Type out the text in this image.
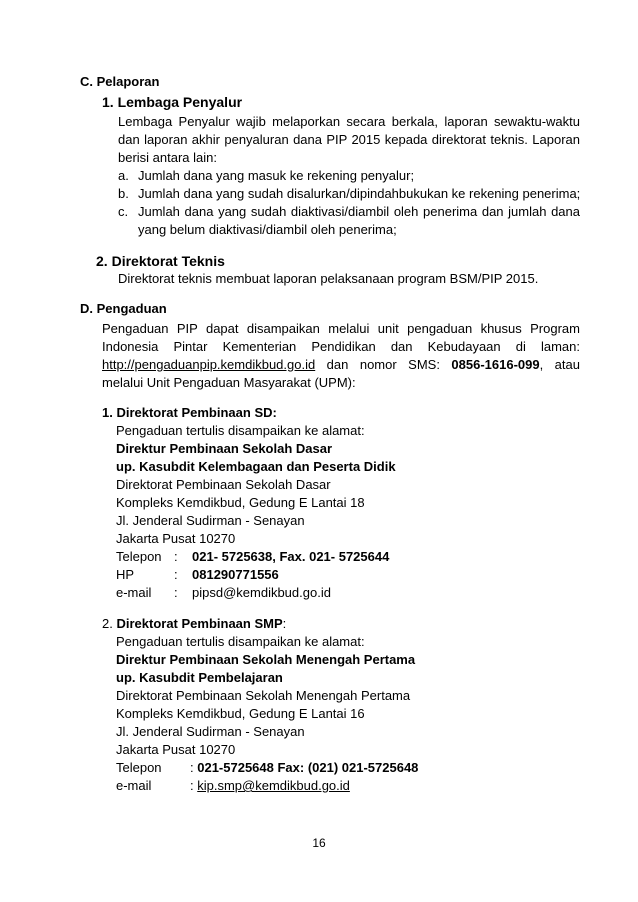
C. Pelaporan
1. Lembaga Penyalur
Lembaga Penyalur wajib melaporkan secara berkala, laporan sewaktu-waktu
dan laporan akhir penyaluran dana PIP 2015 kepada direktorat teknis. Laporan
berisi antara lain:
a. Jumlah dana yang masuk ke rekening penyalur;
b. Jumlah dana yang sudah disalurkan/dipindahbukukan ke rekening penerima;
c. Jumlah dana yang sudah diaktivasi/diambil oleh penerima dan jumlah dana
yang belum diaktivasi/diambil oleh penerima;
2. Direktorat Teknis
Direktorat teknis membuat laporan pelaksanaan program BSM/PIP 2015.
D. Pengaduan
Pengaduan PIP dapat disampaikan melalui unit pengaduan khusus Program
Indonesia Pintar Kementerian Pendidikan dan Kebudayaan di laman:
http://pengaduanpip.kemdikbud.go.id dan nomor SMS: 0856-1616-099, atau
melalui Unit Pengaduan Masyarakat (UPM):
1. Direktorat Pembinaan SD:
Pengaduan tertulis disampaikan ke alamat:
Direktur Pembinaan Sekolah Dasar
up. Kasubdit Kelembagaan dan Peserta Didik
Direktorat Pembinaan Sekolah Dasar
Kompleks Kemdikbud, Gedung E Lantai 18
Jl. Jenderal Sudirman - Senayan
Jakarta Pusat 10270
Telepon : 021- 5725638, Fax. 021- 5725644
HP	: 081290771556
e-mail : pipsd@kemdikbud.go.id
2. Direktorat Pembinaan SMP:
Pengaduan tertulis disampaikan ke alamat:
Direktur Pembinaan Sekolah Menengah Pertama
up. Kasubdit Pembelajaran
Direktorat Pembinaan Sekolah Menengah Pertama
Kompleks Kemdikbud, Gedung E Lantai 16
Jl. Jenderal Sudirman - Senayan
Jakarta Pusat 10270
Telepon : 021-5725648 Fax: (021) 021-5725648
e-mail	: kip.smp@kemdikbud.go.id
16
